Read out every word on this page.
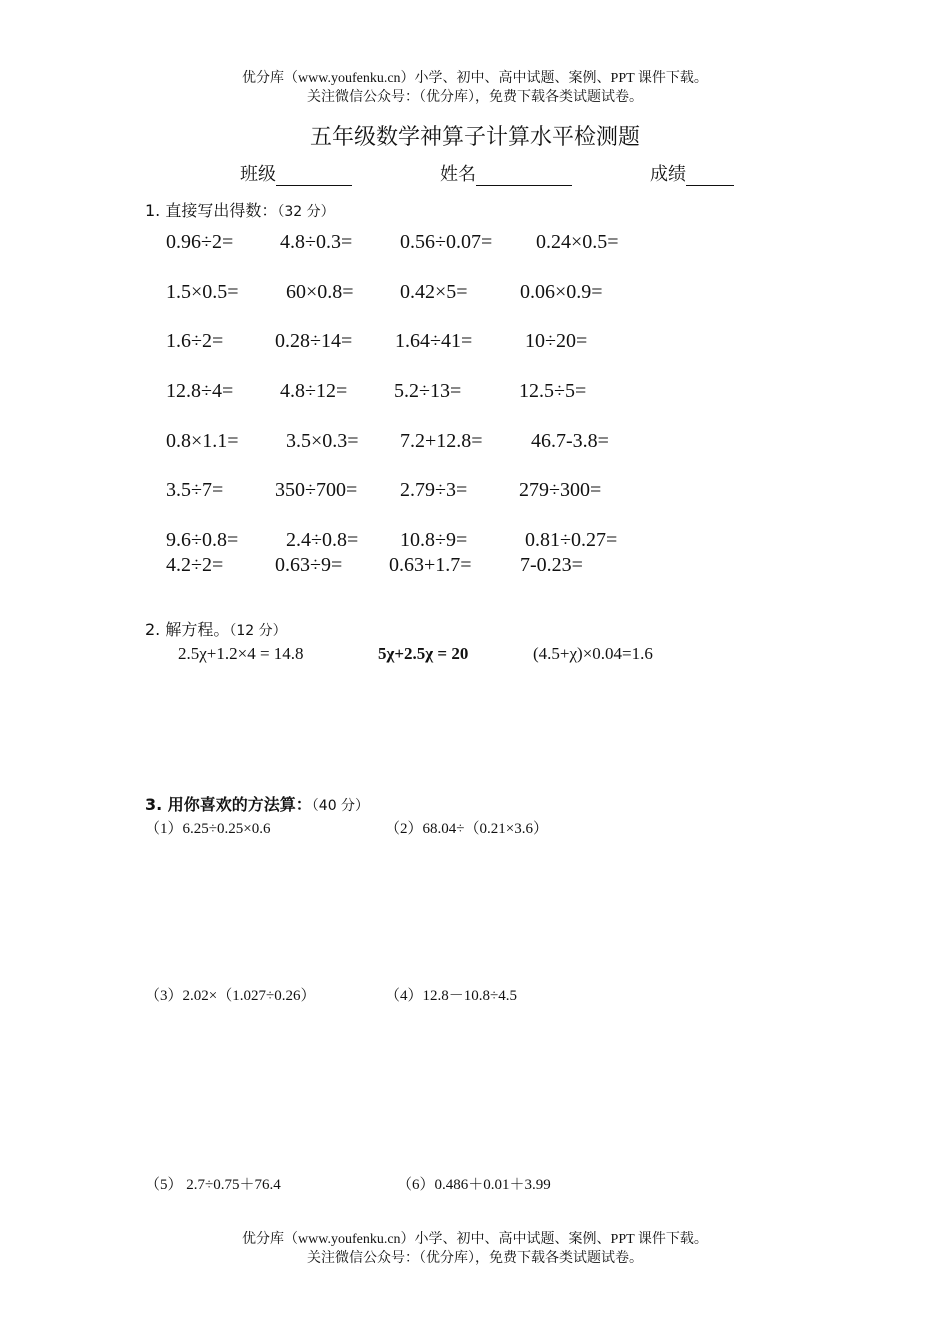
优分库（www.youfenku.cn）小学、初中、高中试题、案例、PPT 课件下载。
关注微信公众号：（优分库），免费下载各类试题试卷。
五年级数学神算子计算水平检测题
班级	姓名	成绩
1. 直接写出得数：（32 分）
0.96÷2= 4.8÷0.3= 0.56÷0.07= 0.24×0.5=
1.5×0.5= 60×0.8= 0.42×5=	0.06×0.9=
1.6÷2=	0.28÷14= 1.64÷41=	10÷20=
12.8÷4= 4.8÷12= 5.2÷13=	12.5÷5=
0.8×1.1= 3.5×0.3= 7.2+12.8= 46.7-3.8=
3.5÷7=	350÷700= 2.79÷3=	279÷300=
9.6÷0.8= 2.4÷0.8= 10.8÷9=	0.81÷0.27=
4.2÷2=	0.63÷9= 0.63+1.7= 7-0.23=
2. 解方程。（12 分）
2.5χ+1.2×4 = 14.8	5χ+2.5χ = 20	(4.5+χ)×0.04=1.6
3. 用你喜欢的方法算：（40 分）
（1）6.25÷0.25×0.6	（2）68.04÷（0.21×3.6）
（3）2.02×（1.027÷0.26）	（4）12.8－10.8÷4.5
（5） 2.7÷0.75＋76.4	（6）0.486＋0.01＋3.99
优分库（www.youfenku.cn）小学、初中、高中试题、案例、PPT 课件下载。
关注微信公众号：（优分库），免费下载各类试题试卷。
